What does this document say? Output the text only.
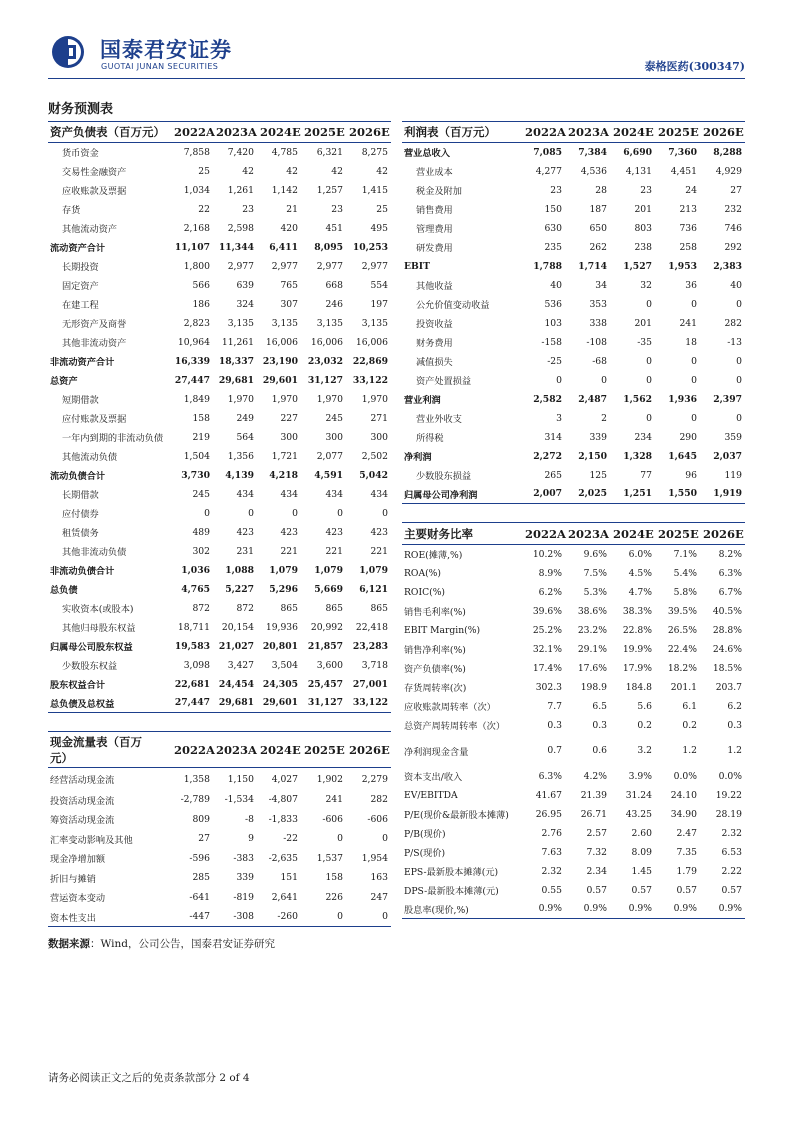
国泰君安证券
GUOTAI JUNAN SECURITIES	泰格医药(300347)
财务预测表
资产负债表（百万元）	2022A	2023A	2024E	2025E	2026E
货币资金	7,858	7,420	4,785	6,321	8,275
交易性金融资产	25	42	42	42	42
应收账款及票据	1,034	1,261	1,142	1,257	1,415
存货	22	23	21	23	25
其他流动资产	2,168	2,598	420	451	495
流动资产合计	11,107	11,344	6,411	8,095	10,253
长期投资	1,800	2,977	2,977	2,977	2,977
固定资产	566	639	765	668	554
在建工程	186	324	307	246	197
无形资产及商誉	2,823	3,135	3,135	3,135	3,135
其他非流动资产	10,964	11,261	16,006	16,006	16,006
非流动资产合计	16,339	18,337	23,190	23,032	22,869
总资产	27,447	29,681	29,601	31,127	33,122
短期借款	1,849	1,970	1,970	1,970	1,970
应付账款及票据	158	249	227	245	271
一年内到期的非流动负债	219	564	300	300	300
其他流动负债	1,504	1,356	1,721	2,077	2,502
流动负债合计	3,730	4,139	4,218	4,591	5,042
长期借款	245	434	434	434	434
应付债券	0	0	0	0	0
租赁债务	489	423	423	423	423
其他非流动负债	302	231	221	221	221
非流动负债合计	1,036	1,088	1,079	1,079	1,079
总负债	4,765	5,227	5,296	5,669	6,121
实收资本(或股本)	872	872	865	865	865
其他归母股东权益	18,711	20,154	19,936	20,992	22,418
归属母公司股东权益	19,583	21,027	20,801	21,857	23,283
少数股东权益	3,098	3,427	3,504	3,600	3,718
股东权益合计	22,681	24,454	24,305	25,457	27,001
总负债及总权益	27,447	29,681	29,601	31,127	33,122
利润表（百万元）	2022A	2023A	2024E	2025E	2026E
营业总收入	7,085	7,384	6,690	7,360	8,288
营业成本	4,277	4,536	4,131	4,451	4,929
税金及附加	23	28	23	24	27
销售费用	150	187	201	213	232
管理费用	630	650	803	736	746
研发费用	235	262	238	258	292
EBIT	1,788	1,714	1,527	1,953	2,383
其他收益	40	34	32	36	40
公允价值变动收益	536	353	0	0	0
投资收益	103	338	201	241	282
财务费用	-158	-108	-35	18	-13
减值损失	-25	-68	0	0	0
资产处置损益	0	0	0	0	0
营业利润	2,582	2,487	1,562	1,936	2,397
营业外收支	3	2	0	0	0
所得税	314	339	234	290	359
净利润	2,272	2,150	1,328	1,645	2,037
少数股东损益	265	125	77	96	119
归属母公司净利润	2,007	2,025	1,251	1,550	1,919
主要财务比率	2022A	2023A	2024E	2025E	2026E
ROE(摊薄,%)	10.2%	9.6%	6.0%	7.1%	8.2%
ROA(%)	8.9%	7.5%	4.5%	5.4%	6.3%
ROIC(%)	6.2%	5.3%	4.7%	5.8%	6.7%
销售毛利率(%)	39.6%	38.6%	38.3%	39.5%	40.5%
EBIT Margin(%)	25.2%	23.2%	22.8%	26.5%	28.8%
销售净利率(%)	32.1%	29.1%	19.9%	22.4%	24.6%
资产负债率(%)	17.4%	17.6%	17.9%	18.2%	18.5%
存货周转率(次)	302.3	198.9	184.8	201.1	203.7
应收账款周转率（次）	7.7	6.5	5.6	6.1	6.2
总资产周转周转率（次）	0.3	0.3	0.2	0.2	0.3
净利润现金含量	0.7	0.6	3.2	1.2	1.2
资本支出/收入	6.3%	4.2%	3.9%	0.0%	0.0%
EV/EBITDA	41.67	21.39	31.24	24.10	19.22
P/E(现价&最新股本摊薄)	26.95	26.71	43.25	34.90	28.19
P/B(现价)	2.76	2.57	2.60	2.47	2.32
P/S(现价)	7.63	7.32	8.09	7.35	6.53
EPS-最新股本摊薄(元)	2.32	2.34	1.45	1.79	2.22
DPS-最新股本摊薄(元)	0.55	0.57	0.57	0.57	0.57
股息率(现价,%)	0.9%	0.9%	0.9%	0.9%	0.9%
现金流量表（百万
元）	2022A	2023A	2024E	2025E	2026E
经营活动现金流	1,358	1,150	4,027	1,902	2,279
投资活动现金流	-2,789	-1,534	-4,807	241	282
筹资活动现金流	809	-8	-1,833	-606	-606
汇率变动影响及其他	27	9	-22	0	0
现金净增加额	-596	-383	-2,635	1,537	1,954
折旧与摊销	285	339	151	158	163
营运资本变动	-641	-819	2,641	226	247
资本性支出	-447	-308	-260	0	0
数据来源：Wind，公司公告，国泰君安证券研究
请务必阅读正文之后的免责条款部分 2 of 4
